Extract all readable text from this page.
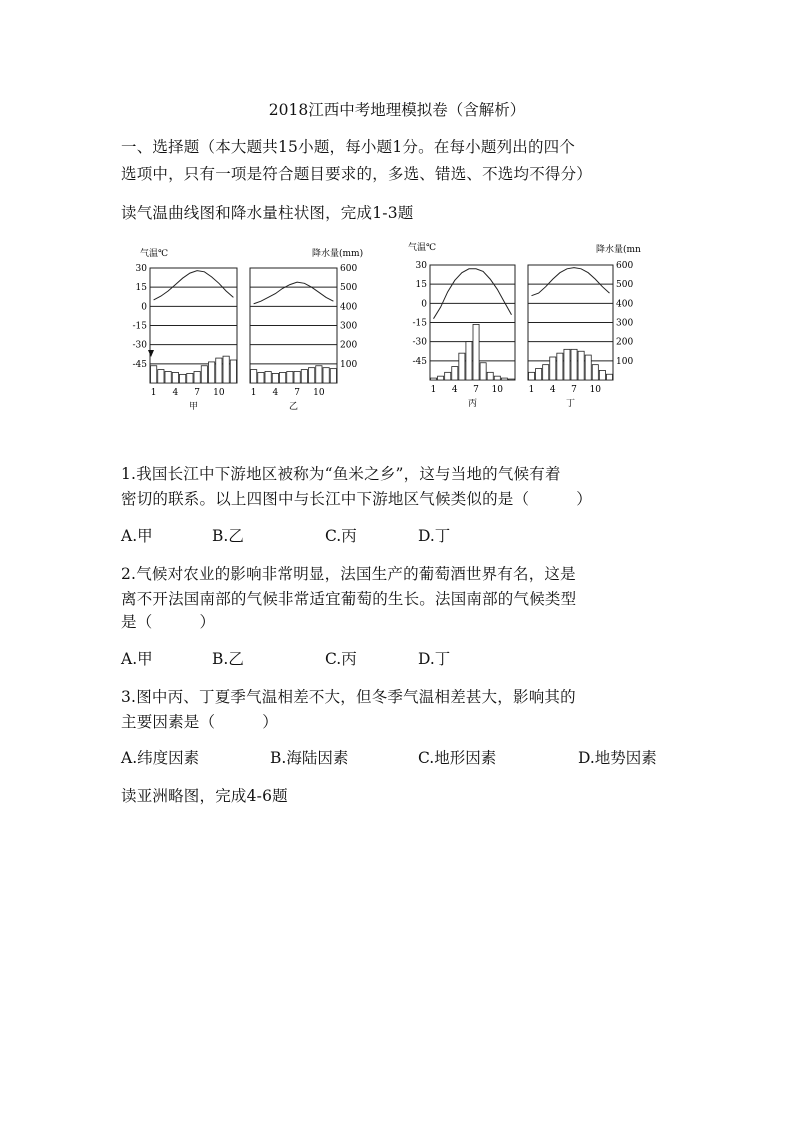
2018江西中考地理模拟卷（含解析）
一、选择题（本大题共15小题，每小题1分。在每小题列出的四个
选项中，只有一项是符合题目要求的，多选、错选、不选均不得分）
读气温曲线图和降水量柱状图，完成1-3题
气温℃	降水量(mm)
气温℃	降水量(mn
30
15
0
-15
-30
-45
1 4 7 10
甲
600
500
400
300
200
100
1 4 7 10
乙
30
15
0
-15
-30
-45
1 4 7 10
丙
600
500
400
300
200
100
1 4 7 10
丁
1.我国长江中下游地区被称为“鱼米之乡”，这与当地的气候有着
密切的联系。以上四图中与长江中下游地区气候类似的是（　　　）
A.甲	B.乙	C.丙	D.丁
2.气候对农业的影响非常明显，法国生产的葡萄酒世界有名，这是
离不开法国南部的气候非常适宜葡萄的生长。法国南部的气候类型
是（　　　）
A.甲	B.乙	C.丙	D.丁
3.图中丙、丁夏季气温相差不大，但冬季气温相差甚大，影响其的
主要因素是（　　　）
A.纬度因素	B.海陆因素	C.地形因素	D.地势因素
读亚洲略图，完成4-6题
